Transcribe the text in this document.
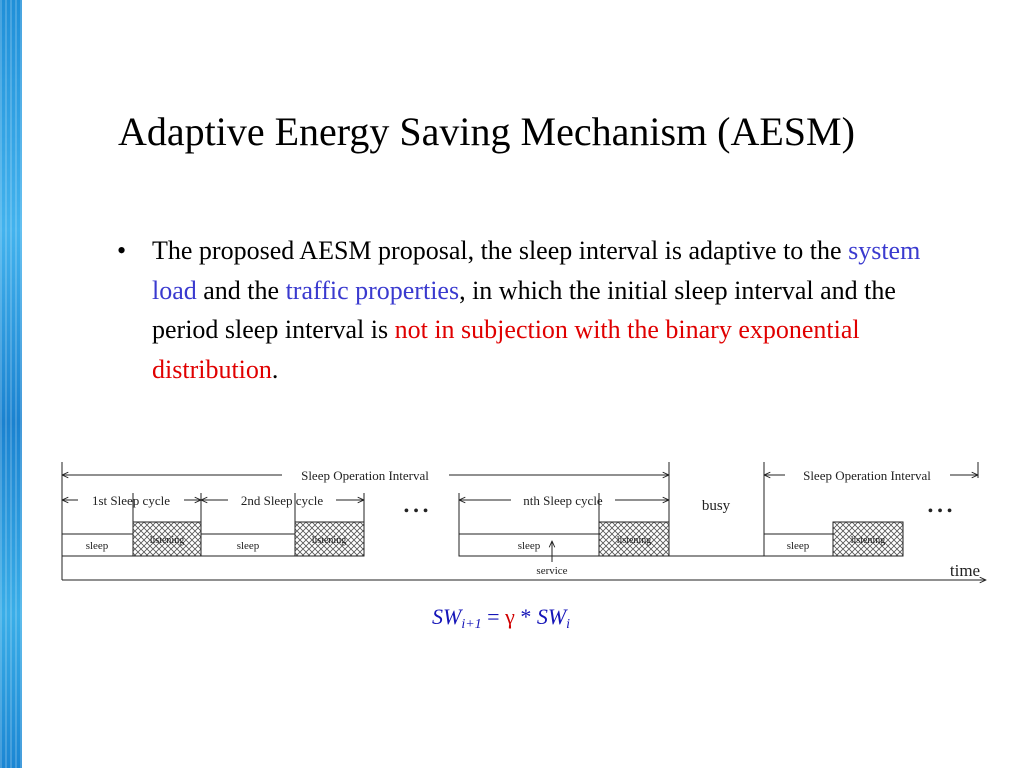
Adaptive Energy Saving Mechanism (AESM)
• The proposed AESM proposal, the sleep interval is adaptive to the system load and the traffic properties, in which the initial sleep interval and the period sleep interval is not in subjection with the binary exponential distribution.
Sleep Operation Interval	Sleep Operation Interval
1st Sleep cycle	2nd Sleep cycle	nth Sleep cycle	busy
sleep	sleep	sleep	sleep
listening	listening	listening	listening
service	time
• • •	• • •
$SW_{i+1} = \gamma * SW_i$
